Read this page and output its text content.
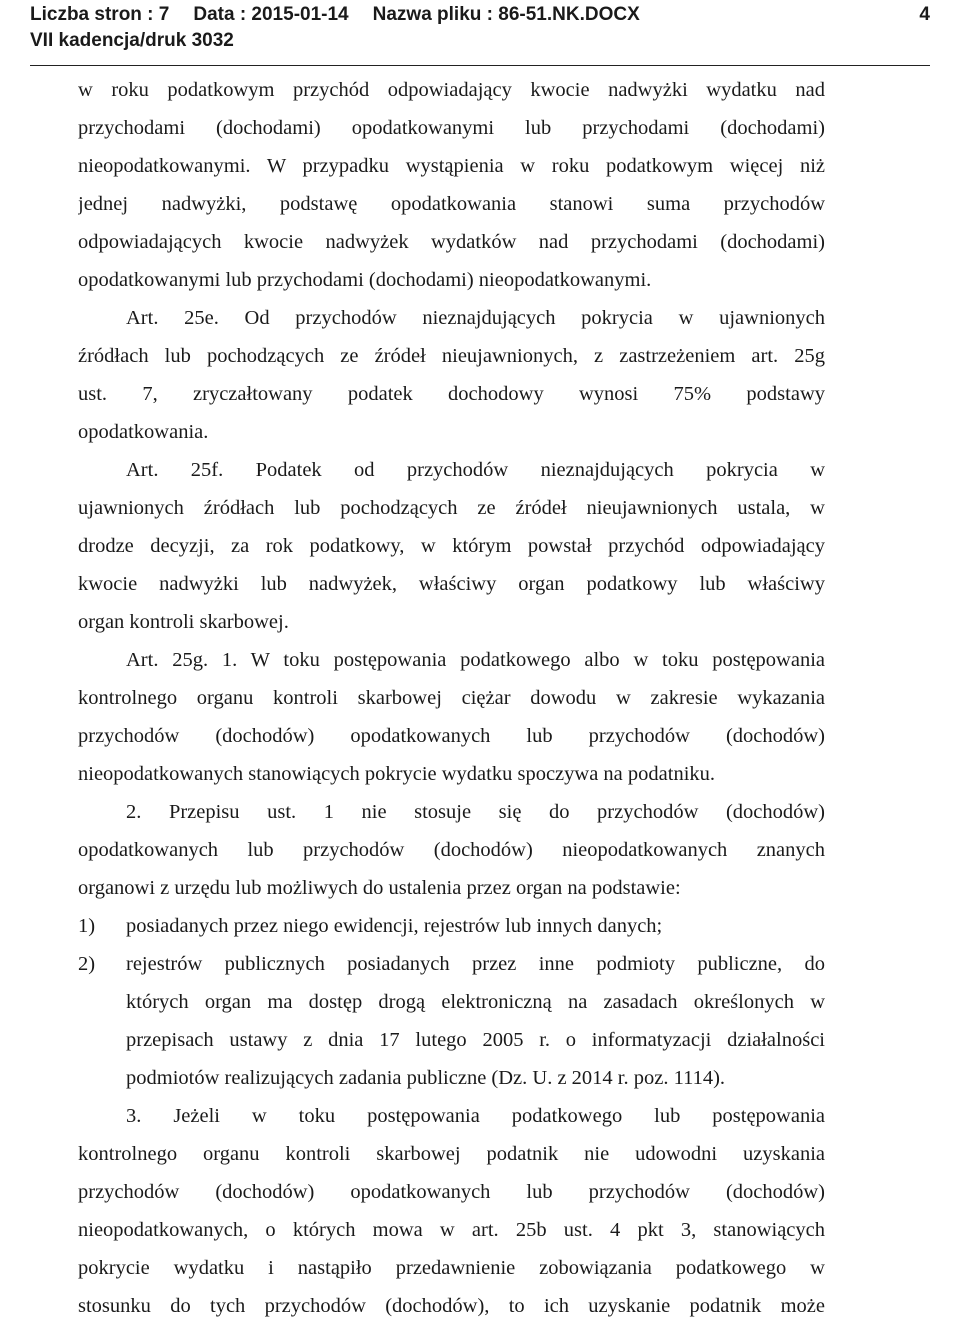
Liczba stron : 7 Data : 2015-01-14 Nazwa pliku : 86-51.NK.DOCX	4
VII kadencja/druk 3032
w roku podatkowym przychód odpowiadający kwocie nadwyżki wydatku nad
przychodami (dochodami) opodatkowanymi lub przychodami (dochodami)
nieopodatkowanymi. W przypadku wystąpienia w roku podatkowym więcej niż
jednej nadwyżki, podstawę opodatkowania stanowi suma przychodów
odpowiadających kwocie nadwyżek wydatków nad przychodami (dochodami)
opodatkowanymi lub przychodami (dochodami) nieopodatkowanymi.
Art. 25e. Od przychodów nieznajdujących pokrycia w ujawnionych
źródłach lub pochodzących ze źródeł nieujawnionych, z zastrzeżeniem art. 25g
ust. 7, zryczałtowany podatek dochodowy wynosi 75% podstawy
opodatkowania.
Art. 25f. Podatek od przychodów nieznajdujących pokrycia w
ujawnionych źródłach lub pochodzących ze źródeł nieujawnionych ustala, w
drodze decyzji, za rok podatkowy, w którym powstał przychód odpowiadający
kwocie nadwyżki lub nadwyżek, właściwy organ podatkowy lub właściwy
organ kontroli skarbowej.
Art. 25g. 1. W toku postępowania podatkowego albo w toku postępowania
kontrolnego organu kontroli skarbowej ciężar dowodu w zakresie wykazania
przychodów (dochodów) opodatkowanych lub przychodów (dochodów)
nieopodatkowanych stanowiących pokrycie wydatku spoczywa na podatniku.
2. Przepisu ust. 1 nie stosuje się do przychodów (dochodów)
opodatkowanych lub przychodów (dochodów) nieopodatkowanych znanych
organowi z urzędu lub możliwych do ustalenia przez organ na podstawie:
1)	posiadanych przez niego ewidencji, rejestrów lub innych danych;
2)	rejestrów publicznych posiadanych przez inne podmioty publiczne, do
których organ ma dostęp drogą elektroniczną na zasadach określonych w
przepisach ustawy z dnia 17 lutego 2005 r. o informatyzacji działalności
podmiotów realizujących zadania publiczne (Dz. U. z 2014 r. poz. 1114).
3. Jeżeli w toku postępowania podatkowego lub postępowania
kontrolnego organu kontroli skarbowej podatnik nie udowodni uzyskania
przychodów (dochodów) opodatkowanych lub przychodów (dochodów)
nieopodatkowanych, o których mowa w art. 25b ust. 4 pkt 3, stanowiących
pokrycie wydatku i nastąpiło przedawnienie zobowiązania podatkowego w
stosunku do tych przychodów (dochodów), to ich uzyskanie podatnik może
